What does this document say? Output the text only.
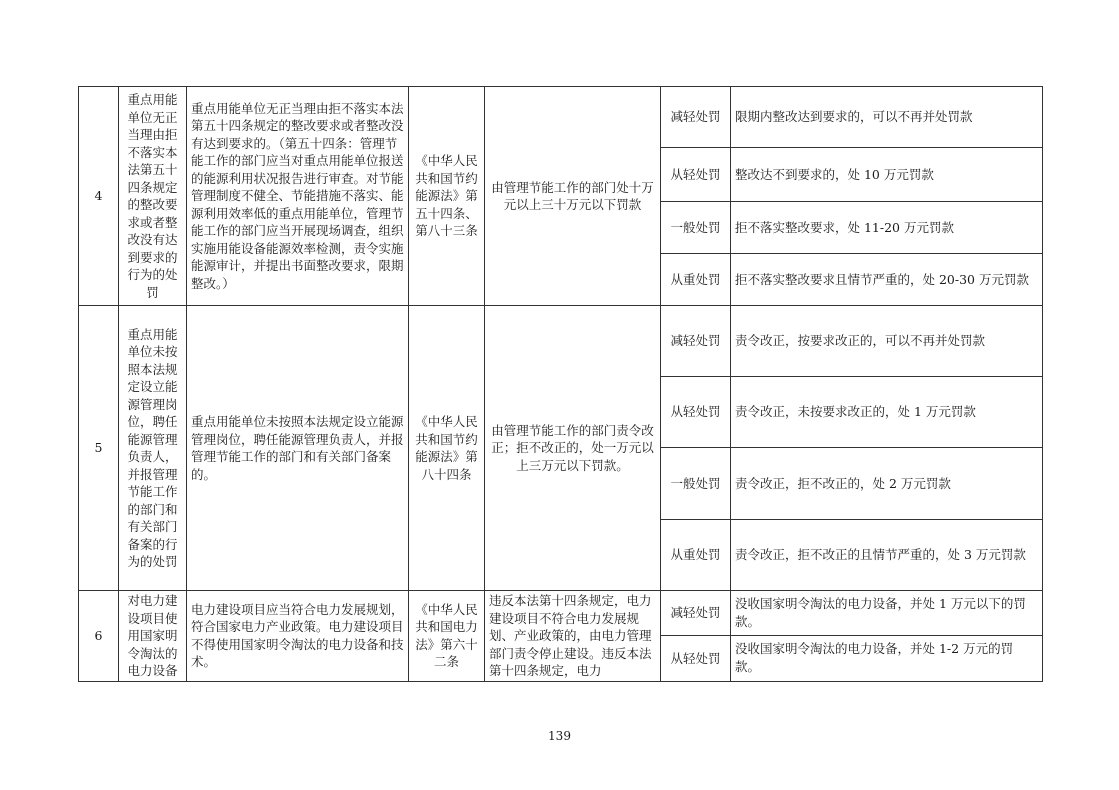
4	重点用能单位无正当理由拒不落实本法第五十四条规定的整改要求或者整改没有达到要求的行为的处罚	重点用能单位无正当理由拒不落实本法第五十四条规定的整改要求或者整改没有达到要求的。（第五十四条：管理节能工作的部门应当对重点用能单位报送的能源利用状况报告进行审查。对节能管理制度不健全、节能措施不落实、能源利用效率低的重点用能单位，管理节能工作的部门应当开展现场调查，组织实施用能设备能源效率检测，责令实施能源审计，并提出书面整改要求，限期整改。）	《中华人民共和国节约能源法》第五十四条、第八十三条	由管理节能工作的部门处十万元以上三十万元以下罚款	减轻处罚	限期内整改达到要求的，可以不再并处罚款
					从轻处罚	整改达不到要求的，处 10 万元罚款
					一般处罚	拒不落实整改要求，处 11-20 万元罚款
					从重处罚	拒不落实整改要求且情节严重的，处 20-30 万元罚款
5	重点用能单位未按照本法规定设立能源管理岗位，聘任能源管理负责人，并报管理节能工作的部门和有关部门备案的行为的处罚	重点用能单位未按照本法规定设立能源管理岗位，聘任能源管理负责人，并报管理节能工作的部门和有关部门备案的。	《中华人民共和国节约能源法》第八十四条	由管理节能工作的部门责令改正；拒不改正的，处一万元以上三万元以下罚款。	减轻处罚	责令改正，按要求改正的，可以不再并处罚款
					从轻处罚	责令改正，未按要求改正的，处 1 万元罚款
					一般处罚	责令改正，拒不改正的，处 2 万元罚款
					从重处罚	责令改正，拒不改正的且情节严重的，处 3 万元罚款
6	对电力建设项目使用国家明令淘汰的电力设备	电力建设项目应当符合电力发展规划，符合国家电力产业政策。电力建设项目不得使用国家明令淘汰的电力设备和技术。	《中华人民共和国电力法》第六十二条	违反本法第十四条规定，电力建设项目不符合电力发展规划、产业政策的，由电力管理部门责令停止建设。违反本法第十四条规定，电力	减轻处罚	没收国家明令淘汰的电力设备，并处 1 万元以下的罚款。
					从轻处罚	没收国家明令淘汰的电力设备，并处 1-2 万元的罚款。
139
